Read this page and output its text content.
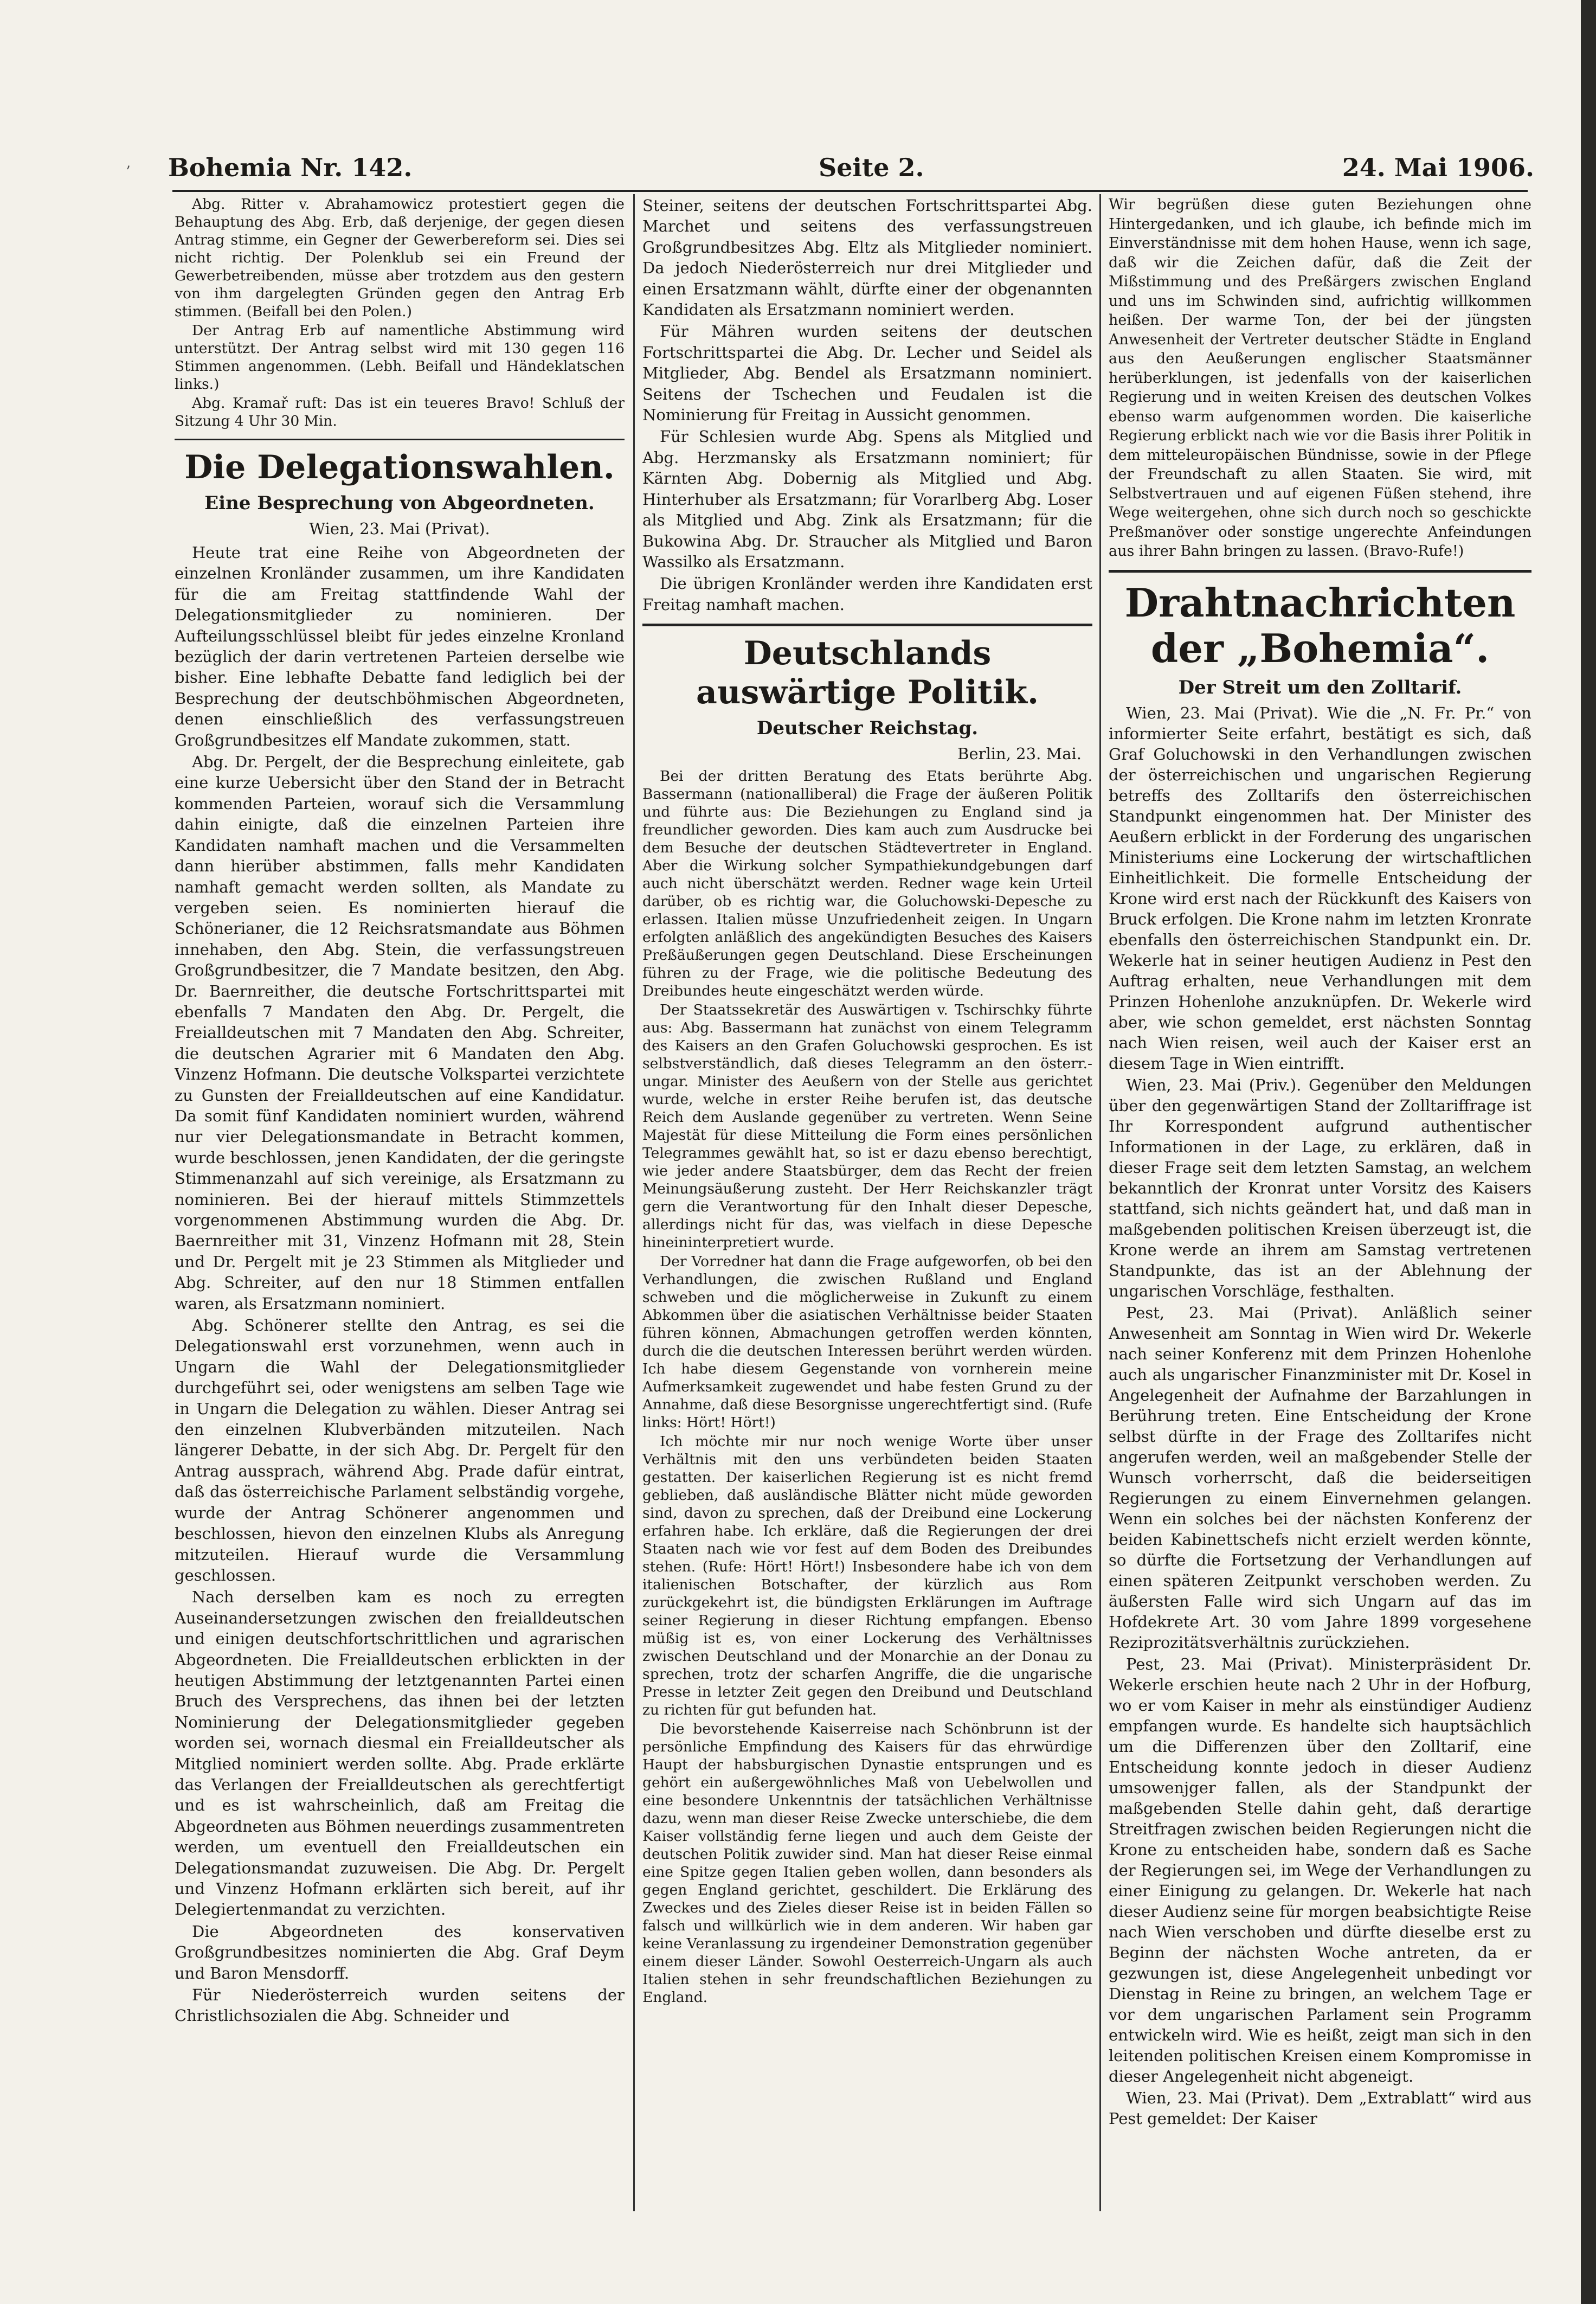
’ Bohemia Nr. 142.	Seite 2.	24. Mai 1906.

Abg. Ritter v. Abrahamowicz protestiert gegen die Behauptung des Abg. Erb, daß derjenige, der gegen diesen Antrag stimme, ein Gegner der Gewerbereform sei. Dies sei nicht richtig. Der Polenklub sei ein Freund der Gewerbetreibenden, müsse aber trotzdem aus den gestern von ihm dargelegten Gründen gegen den Antrag Erb stimmen. (Beifall bei den Polen.)

Der Antrag Erb auf namentliche Abstimmung wird unterstützt. Der Antrag selbst wird mit 130 gegen 116 Stimmen angenommen. (Lebh. Beifall und Händeklatschen links.)

Abg. Kramař ruft: Das ist ein teueres Bravo! Schluß der Sitzung 4 Uhr 30 Min.

Die Delegationswahlen.
Eine Besprechung von Abgeordneten.
Wien, 23. Mai (Privat).

Heute trat eine Reihe von Abgeordneten der einzelnen Kronländer zusammen, um ihre Kandidaten für die am Freitag stattfindende Wahl der Delegationsmitglieder zu nominieren. Der Aufteilungsschlüssel bleibt für jedes einzelne Kronland bezüglich der darin vertretenen Parteien derselbe wie bisher. Eine lebhafte Debatte fand lediglich bei der Besprechung der deutschböhmischen Abgeordneten, denen einschließlich des verfassungstreuen Großgrundbesitzes elf Mandate zukommen, statt.

Abg. Dr. Pergelt, der die Besprechung einleitete, gab eine kurze Uebersicht über den Stand der in Betracht kommenden Parteien, worauf sich die Versammlung dahin einigte, daß die einzelnen Parteien ihre Kandidaten namhaft machen und die Versammelten dann hierüber abstimmen, falls mehr Kandidaten namhaft gemacht werden sollten, als Mandate zu vergeben seien. Es nominierten hierauf die Schönerianer, die 12 Reichsratsmandate aus Böhmen innehaben, den Abg. Stein, die verfassungstreuen Großgrundbesitzer, die 7 Mandate besitzen, den Abg. Dr. Baernreither, die deutsche Fortschrittspartei mit ebenfalls 7 Mandaten den Abg. Dr. Pergelt, die Freialldeutschen mit 7 Mandaten den Abg. Schreiter, die deutschen Agrarier mit 6 Mandaten den Abg. Vinzenz Hofmann. Die deutsche Volkspartei verzichtete zu Gunsten der Freialldeutschen auf eine Kandidatur. Da somit fünf Kandidaten nominiert wurden, während nur vier Delegationsmandate in Betracht kommen, wurde beschlossen, jenen Kandidaten, der die geringste Stimmenanzahl auf sich vereinige, als Ersatzmann zu nominieren. Bei der hierauf mittels Stimmzettels vorgenommenen Abstimmung wurden die Abg. Dr. Baernreither mit 31, Vinzenz Hofmann mit 28, Stein und Dr. Pergelt mit je 23 Stimmen als Mitglieder und Abg. Schreiter, auf den nur 18 Stimmen entfallen waren, als Ersatzmann nominiert.

Abg. Schönerer stellte den Antrag, es sei die Delegationswahl erst vorzunehmen, wenn auch in Ungarn die Wahl der Delegationsmitglieder durchgeführt sei, oder wenigstens am selben Tage wie in Ungarn die Delegation zu wählen. Dieser Antrag sei den einzelnen Klubverbänden mitzuteilen. Nach längerer Debatte, in der sich Abg. Dr. Pergelt für den Antrag aussprach, während Abg. Prade dafür eintrat, daß das österreichische Parlament selbständig vorgehe, wurde der Antrag Schönerer angenommen und beschlossen, hievon den einzelnen Klubs als Anregung mitzuteilen. Hierauf wurde die Versammlung geschlossen.

Nach derselben kam es noch zu erregten Auseinandersetzungen zwischen den freialldeutschen und einigen deutschfortschrittlichen und agrarischen Abgeordneten. Die Freialldeutschen erblickten in der heutigen Abstimmung der letztgenannten Partei einen Bruch des Versprechens, das ihnen bei der letzten Nominierung der Delegationsmitglieder gegeben worden sei, wornach diesmal ein Freialldeutscher als Mitglied nominiert werden sollte. Abg. Prade erklärte das Verlangen der Freialldeutschen als gerechtfertigt und es ist wahrscheinlich, daß am Freitag die Abgeordneten aus Böhmen neuerdings zusammentreten werden, um eventuell den Freialldeutschen ein Delegationsmandat zuzuweisen. Die Abg. Dr. Pergelt und Vinzenz Hofmann erklärten sich bereit, auf ihr Delegiertenmandat zu verzichten.

Die Abgeordneten des konservativen Großgrundbesitzes nominierten die Abg. Graf Deym und Baron Mensdorff.

Für Niederösterreich wurden seitens der Christlichsozialen die Abg. Schneider und

Steiner, seitens der deutschen Fortschrittspartei Abg. Marchet und seitens des verfassungstreuen Großgrundbesitzes Abg. Eltz als Mitglieder nominiert. Da jedoch Niederösterreich nur drei Mitglieder und einen Ersatzmann wählt, dürfte einer der obgenannten Kandidaten als Ersatzmann nominiert werden.

Für Mähren wurden seitens der deutschen Fortschrittspartei die Abg. Dr. Lecher und Seidel als Mitglieder, Abg. Bendel als Ersatzmann nominiert. Seitens der Tschechen und Feudalen ist die Nominierung für Freitag in Aussicht genommen.

Für Schlesien wurde Abg. Spens als Mitglied und Abg. Herzmansky als Ersatzmann nominiert; für Kärnten Abg. Dobernig als Mitglied und Abg. Hinterhuber als Ersatzmann; für Vorarlberg Abg. Loser als Mitglied und Abg. Zink als Ersatzmann; für die Bukowina Abg. Dr. Straucher als Mitglied und Baron Wassilko als Ersatzmann.

Die übrigen Kronländer werden ihre Kandidaten erst Freitag namhaft machen.

Deutschlands auswärtige Politik.
Deutscher Reichstag.
Berlin, 23. Mai.

Bei der dritten Beratung des Etats berührte Abg. Bassermann (nationalliberal) die Frage der äußeren Politik und führte aus: Die Beziehungen zu England sind ja freundlicher geworden. Dies kam auch zum Ausdrucke bei dem Besuche der deutschen Städtevertreter in England. Aber die Wirkung solcher Sympathiekundgebungen darf auch nicht überschätzt werden. Redner wage kein Urteil darüber, ob es richtig war, die Goluchowski-Depesche zu erlassen. Italien müsse Unzufriedenheit zeigen. In Ungarn erfolgten anläßlich des angekündigten Besuches des Kaisers Preßäußerungen gegen Deutschland. Diese Erscheinungen führen zu der Frage, wie die politische Bedeutung des Dreibundes heute eingeschätzt werden würde.

Der Staatssekretär des Auswärtigen v. Tschirschky führte aus: Abg. Bassermann hat zunächst von einem Telegramm des Kaisers an den Grafen Goluchowski gesprochen. Es ist selbstverständlich, daß dieses Telegramm an den österr.-ungar. Minister des Aeußern von der Stelle aus gerichtet wurde, welche in erster Reihe berufen ist, das deutsche Reich dem Auslande gegenüber zu vertreten. Wenn Seine Majestät für diese Mitteilung die Form eines persönlichen Telegrammes gewählt hat, so ist er dazu ebenso berechtigt, wie jeder andere Staatsbürger, dem das Recht der freien Meinungsäußerung zusteht. Der Herr Reichskanzler trägt gern die Verantwortung für den Inhalt dieser Depesche, allerdings nicht für das, was vielfach in diese Depesche hineininterpretiert wurde.

Der Vorredner hat dann die Frage aufgeworfen, ob bei den Verhandlungen, die zwischen Rußland und England schweben und die möglicherweise in Zukunft zu einem Abkommen über die asiatischen Verhältnisse beider Staaten führen können, Abmachungen getroffen werden könnten, durch die die deutschen Interessen berührt werden würden. Ich habe diesem Gegenstande von vornherein meine Aufmerksamkeit zugewendet und habe festen Grund zu der Annahme, daß diese Besorgnisse ungerechtfertigt sind. (Rufe links: Hört! Hört!)

Ich möchte mir nur noch wenige Worte über unser Verhältnis mit den uns verbündeten beiden Staaten gestatten. Der kaiserlichen Regierung ist es nicht fremd geblieben, daß ausländische Blätter nicht müde geworden sind, davon zu sprechen, daß der Dreibund eine Lockerung erfahren habe. Ich erkläre, daß die Regierungen der drei Staaten nach wie vor fest auf dem Boden des Dreibundes stehen. (Rufe: Hört! Hört!) Insbesondere habe ich von dem italienischen Botschafter, der kürzlich aus Rom zurückgekehrt ist, die bündigsten Erklärungen im Auftrage seiner Regierung in dieser Richtung empfangen. Ebenso müßig ist es, von einer Lockerung des Verhältnisses zwischen Deutschland und der Monarchie an der Donau zu sprechen, trotz der scharfen Angriffe, die die ungarische Presse in letzter Zeit gegen den Dreibund und Deutschland zu richten für gut befunden hat.

Die bevorstehende Kaiserreise nach Schönbrunn ist der persönliche Empfindung des Kaisers für das ehrwürdige Haupt der habsburgischen Dynastie entsprungen und es gehört ein außergewöhnliches Maß von Uebelwollen und eine besondere Unkenntnis der tatsächlichen Verhältnisse dazu, wenn man dieser Reise Zwecke unterschiebe, die dem Kaiser vollständig ferne liegen und auch dem Geiste der deutschen Politik zuwider sind. Man hat dieser Reise einmal eine Spitze gegen Italien geben wollen, dann besonders als gegen England gerichtet, geschildert. Die Erklärung des Zweckes und des Zieles dieser Reise ist in beiden Fällen so falsch und willkürlich wie in dem anderen. Wir haben gar keine Veranlassung zu irgendeiner Demonstration gegenüber einem dieser Länder. Sowohl Oesterreich-Ungarn als auch Italien stehen in sehr freundschaftlichen Beziehungen zu England.

Wir begrüßen diese guten Beziehungen ohne Hintergedanken, und ich glaube, ich befinde mich im Einverständnisse mit dem hohen Hause, wenn ich sage, daß wir die Zeichen dafür, daß die Zeit der Mißstimmung und des Preßärgers zwischen England und uns im Schwinden sind, aufrichtig willkommen heißen. Der warme Ton, der bei der jüngsten Anwesenheit der Vertreter deutscher Städte in England aus den Aeußerungen englischer Staatsmänner herüberklungen, ist jedenfalls von der kaiserlichen Regierung und in weiten Kreisen des deutschen Volkes ebenso warm aufgenommen worden. Die kaiserliche Regierung erblickt nach wie vor die Basis ihrer Politik in dem mitteleuropäischen Bündnisse, sowie in der Pflege der Freundschaft zu allen Staaten. Sie wird, mit Selbstvertrauen und auf eigenen Füßen stehend, ihre Wege weitergehen, ohne sich durch noch so geschickte Preßmanöver oder sonstige ungerechte Anfeindungen aus ihrer Bahn bringen zu lassen. (Bravo-Rufe!)

Drahtnachrichten der „Bohemia“.
Der Streit um den Zolltarif.

Wien, 23. Mai (Privat). Wie die „N. Fr. Pr.“ von informierter Seite erfahrt, bestätigt es sich, daß Graf Goluchowski in den Verhandlungen zwischen der österreichischen und ungarischen Regierung betreffs des Zolltarifs den österreichischen Standpunkt eingenommen hat. Der Minister des Aeußern erblickt in der Forderung des ungarischen Ministeriums eine Lockerung der wirtschaftlichen Einheitlichkeit. Die formelle Entscheidung der Krone wird erst nach der Rückkunft des Kaisers von Bruck erfolgen. Die Krone nahm im letzten Kronrate ebenfalls den österreichischen Standpunkt ein. Dr. Wekerle hat in seiner heutigen Audienz in Pest den Auftrag erhalten, neue Verhandlungen mit dem Prinzen Hohenlohe anzuknüpfen. Dr. Wekerle wird aber, wie schon gemeldet, erst nächsten Sonntag nach Wien reisen, weil auch der Kaiser erst an diesem Tage in Wien eintrifft.

Wien, 23. Mai (Priv.). Gegenüber den Meldungen über den gegenwärtigen Stand der Zolltariffrage ist Ihr Korrespondent aufgrund authentischer Informationen in der Lage, zu erklären, daß in dieser Frage seit dem letzten Samstag, an welchem bekanntlich der Kronrat unter Vorsitz des Kaisers stattfand, sich nichts geändert hat, und daß man in maßgebenden politischen Kreisen überzeugt ist, die Krone werde an ihrem am Samstag vertretenen Standpunkte, das ist an der Ablehnung der ungarischen Vorschläge, festhalten.

Pest, 23. Mai (Privat). Anläßlich seiner Anwesenheit am Sonntag in Wien wird Dr. Wekerle nach seiner Konferenz mit dem Prinzen Hohenlohe auch als ungarischer Finanzminister mit Dr. Kosel in Angelegenheit der Aufnahme der Barzahlungen in Berührung treten. Eine Entscheidung der Krone selbst dürfte in der Frage des Zolltarifes nicht angerufen werden, weil an maßgebender Stelle der Wunsch vorherrscht, daß die beiderseitigen Regierungen zu einem Einvernehmen gelangen. Wenn ein solches bei der nächsten Konferenz der beiden Kabinettschefs nicht erzielt werden könnte, so dürfte die Fortsetzung der Verhandlungen auf einen späteren Zeitpunkt verschoben werden. Zu äußersten Falle wird sich Ungarn auf das im Hofdekrete Art. 30 vom Jahre 1899 vorgesehene Reziprozitätsverhältnis zurückziehen.

Pest, 23. Mai (Privat). Ministerpräsident Dr. Wekerle erschien heute nach 2 Uhr in der Hofburg, wo er vom Kaiser in mehr als einstündiger Audienz empfangen wurde. Es handelte sich hauptsächlich um die Differenzen über den Zolltarif, eine Entscheidung konnte jedoch in dieser Audienz umsowenjger fallen, als der Standpunkt der maßgebenden Stelle dahin geht, daß derartige Streitfragen zwischen beiden Regierungen nicht die Krone zu entscheiden habe, sondern daß es Sache der Regierungen sei, im Wege der Verhandlungen zu einer Einigung zu gelangen. Dr. Wekerle hat nach dieser Audienz seine für morgen beabsichtigte Reise nach Wien verschoben und dürfte dieselbe erst zu Beginn der nächsten Woche antreten, da er gezwungen ist, diese Angelegenheit unbedingt vor Dienstag in Reine zu bringen, an welchem Tage er vor dem ungarischen Parlament sein Programm entwickeln wird. Wie es heißt, zeigt man sich in den leitenden politischen Kreisen einem Kompromisse in dieser Angelegenheit nicht abgeneigt.

Wien, 23. Mai (Privat). Dem „Extrablatt“ wird aus Pest gemeldet: Der Kaiser
